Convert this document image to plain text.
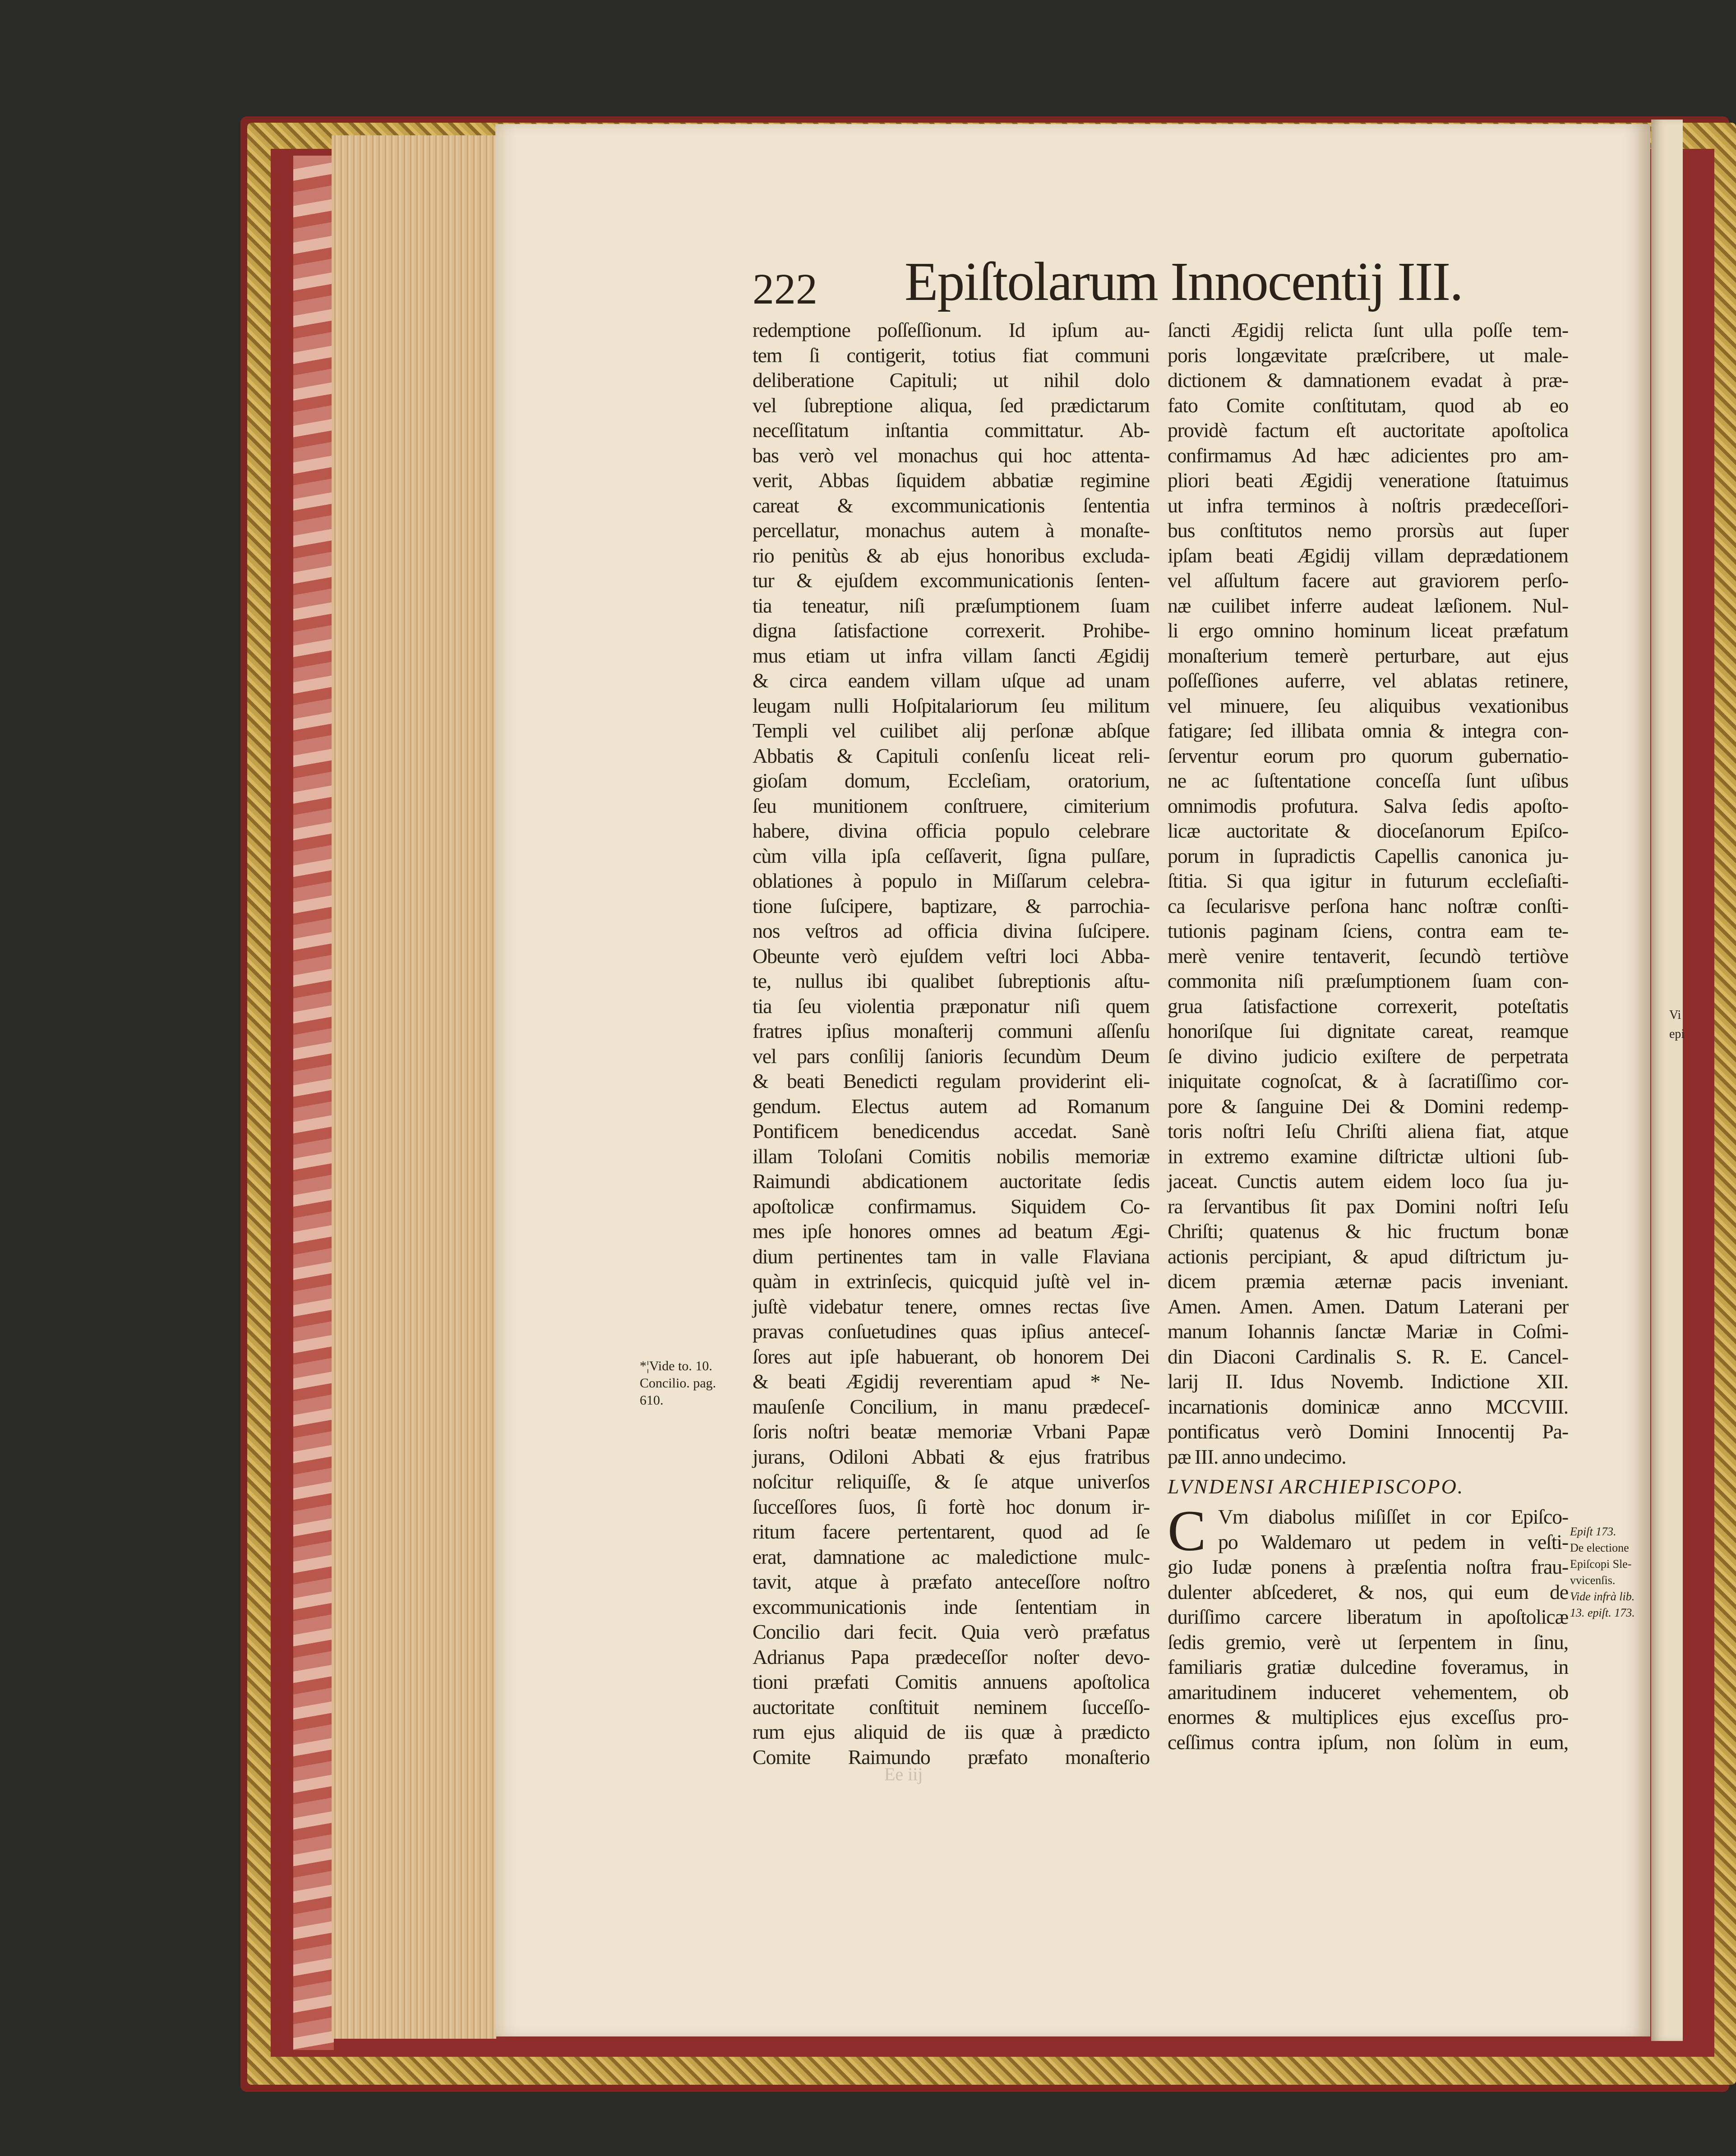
222 Epiſtolarum Innocentij III.
redemptione poſſeſſionum. Id ipſum au-
tem ſi contigerit, totius fiat communi
deliberatione Capituli; ut nihil dolo
vel ſubreptione aliqua, ſed prædictarum
neceſſitatum inſtantia committatur. Ab-
bas verò vel monachus qui hoc attenta-
verit, Abbas ſiquidem abbatiæ regimine
careat & excommunicationis ſententia
percellatur, monachus autem à monaſte-
rio penitùs & ab ejus honoribus excluda-
tur & ejuſdem excommunicationis ſenten-
tia teneatur, niſi præſumptionem ſuam
digna ſatisfactione correxerit. Prohibe-
mus etiam ut infra villam ſancti Ægidij
& circa eandem villam uſque ad unam
leugam nulli Hoſpitalariorum ſeu militum
Templi vel cuilibet alij perſonæ abſque
Abbatis & Capituli conſenſu liceat reli-
gioſam domum, Eccleſiam, oratorium,
ſeu munitionem conſtruere, cimiterium
habere, divina officia populo celebrare
cùm villa ipſa ceſſaverit, ſigna pulſare,
oblationes à populo in Miſſarum celebra-
tione ſuſcipere, baptizare, & parrochia-
nos veſtros ad officia divina ſuſcipere.
Obeunte verò ejuſdem veſtri loci Abba-
te, nullus ibi qualibet ſubreptionis aſtu-
tia ſeu violentia præponatur niſi quem
fratres ipſius monaſterij communi aſſenſu
vel pars conſilij ſanioris ſecundùm Deum
& beati Benedicti regulam providerint eli-
gendum. Electus autem ad Romanum
Pontificem benedicendus accedat. Sanè
illam Toloſani Comitis nobilis memoriæ
Raimundi abdicationem auctoritate ſedis
apoſtolicæ confirmamus. Siquidem Co-
mes ipſe honores omnes ad beatum Ægi-
dium pertinentes tam in valle Flaviana
quàm in extrinſecis, quicquid juſtè vel in-
juſtè videbatur tenere, omnes rectas ſive
pravas conſuetudines quas ipſius anteceſ-
ſores aut ipſe habuerant, ob honorem Dei
& beati Ægidij reverentiam apud * Ne-
mauſenſe Concilium, in manu prædeceſ-
ſoris noſtri beatæ memoriæ Vrbani Papæ
jurans, Odiloni Abbati & ejus fratribus
noſcitur reliquiſſe, & ſe atque univerſos
ſucceſſores ſuos, ſi fortè hoc donum ir-
ritum facere pertentarent, quod ad ſe
erat, damnatione ac maledictione mulc-
tavit, atque à præfato anteceſſore noſtro
excommunicationis inde ſententiam in
Concilio dari fecit. Quia verò præfatus
Adrianus Papa prædeceſſor noſter devo-
tioni præfati Comitis annuens apoſtolica
auctoritate conſtituit neminem ſucceſſo-
rum ejus aliquid de iis quæ à prædicto
Comite Raimundo præfato monaſterio
ſancti Ægidij relicta ſunt ulla poſſe tem-
poris longævitate præſcribere, ut male-
dictionem & damnationem evadat à præ-
fato Comite conſtitutam, quod ab eo
providè factum eſt auctoritate apoſtolica
confirmamus Ad hæc adicientes pro am-
pliori beati Ægidij veneratione ſtatuimus
ut infra terminos à noſtris prædeceſſori-
bus conſtitutos nemo prorsùs aut ſuper
ipſam beati Ægidij villam deprædationem
vel aſſultum facere aut graviorem perſo-
næ cuilibet inferre audeat læſionem. Nul-
li ergo omnino hominum liceat præfatum
monaſterium temerè perturbare, aut ejus
poſſeſſiones auferre, vel ablatas retinere,
vel minuere, ſeu aliquibus vexationibus
fatigare; ſed illibata omnia & integra con-
ſerventur eorum pro quorum gubernatio-
ne ac ſuſtentatione conceſſa ſunt uſibus
omnimodis profutura. Salva ſedis apoſto-
licæ auctoritate & dioceſanorum Epiſco-
porum in ſupradictis Capellis canonica ju-
ſtitia. Si qua igitur in futurum eccleſiaſti-
ca ſecularisve perſona hanc noſtræ conſti-
tutionis paginam ſciens, contra eam te-
merè venire tentaverit, ſecundò tertiòve
commonita niſi præſumptionem ſuam con-
grua ſatisfactione correxerit, poteſtatis
honoriſque ſui dignitate careat, reamque
ſe divino judicio exiſtere de perpetrata
iniquitate cognoſcat, & à ſacratiſſimo cor-
pore & ſanguine Dei & Domini redemp-
toris noſtri Ieſu Chriſti aliena fiat, atque
in extremo examine diſtrictæ ultioni ſub-
jaceat. Cunctis autem eidem loco ſua ju-
ra ſervantibus ſit pax Domini noſtri Ieſu
Chriſti; quatenus & hic fructum bonæ
actionis percipiant, & apud diſtrictum ju-
dicem præmia æternæ pacis inveniant.
Amen. Amen. Amen. Datum Laterani per
manum Iohannis ſanctæ Mariæ in Coſmi-
din Diaconi Cardinalis S. R. E. Cancel-
larij II. Idus Novemb. Indictione XII.
incarnationis dominicæ anno MCCVIII.
pontificatus verò Domini Innocentij Pa-
pæ III. anno undecimo.
LVNDENSI ARCHIEPISCOPO.
C Vm diabolus miſiſſet in cor Epiſco-
po Waldemaro ut pedem in veſti-
gio Iudæ ponens à præſentia noſtra frau-
dulenter abſcederet, & nos, qui eum de
duriſſimo carcere liberatum in apoſtolicæ
ſedis gremio, verè ut ſerpentem in ſinu,
familiaris gratiæ dulcedine foveramus, in
amaritudinem induceret vehementem, ob
enormes & multiplices ejus exceſſus pro-
ceſſimus contra ipſum, non ſolùm in eum,
*¦Vide to. 10.
Concilio. pag.
610.
Epiſt 173.
De electione
Epiſcopi Sle-
vvicenſis.
Vide infrà lib.
13. epiſt. 173.
Ee iij
Vi
epi
